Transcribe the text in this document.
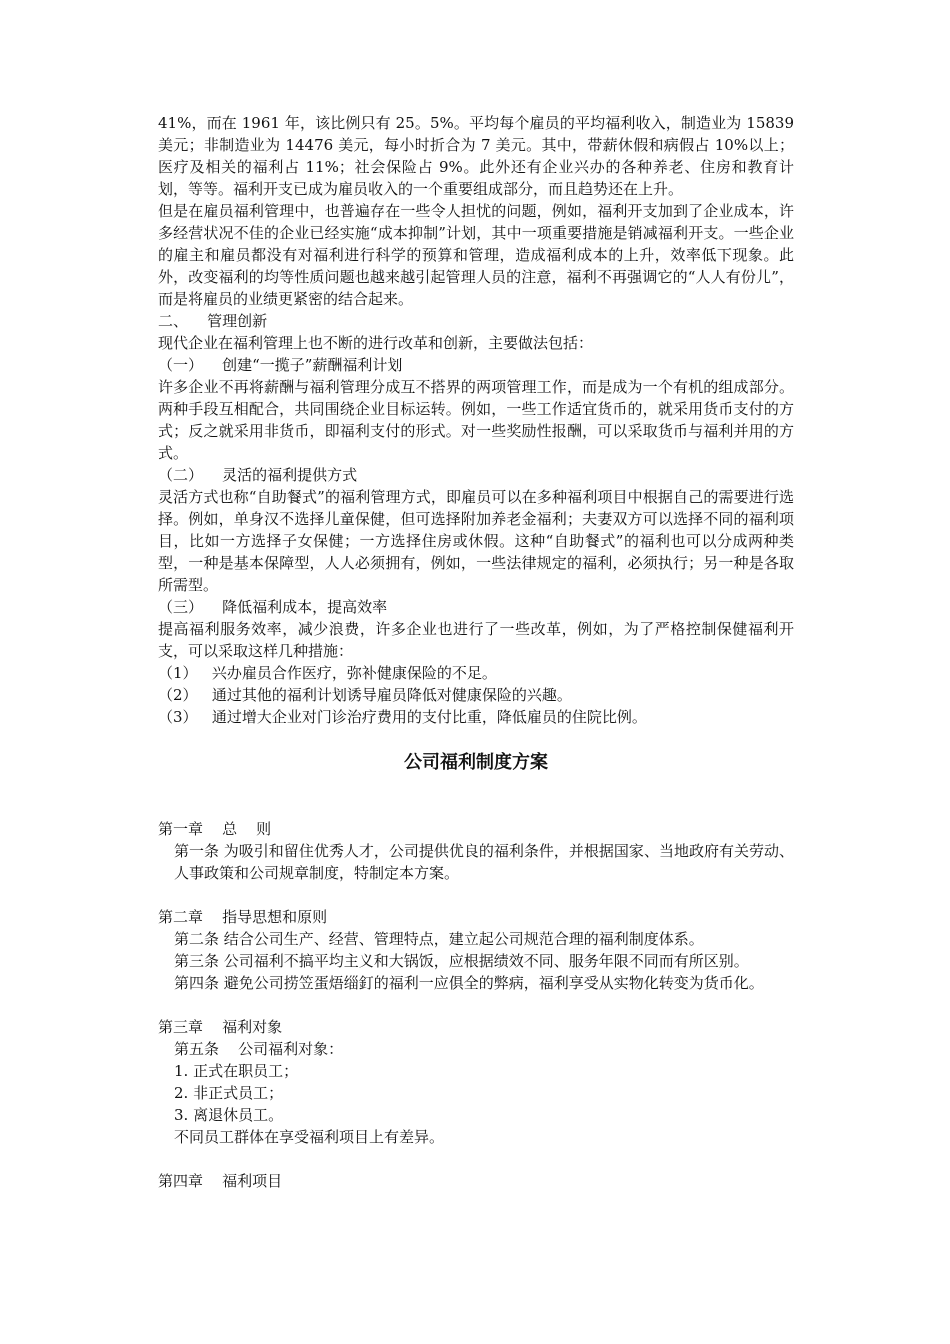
41%，而在 1961 年，该比例只有 25。5%。平均每个雇员的平均福利收入，制造业为 15839 美元；非制造业为 14476 美元，每小时折合为 7 美元。其中，带薪休假和病假占 10%以上；医疗及相关的福利占 11%；社会保险占 9%。此外还有企业兴办的各种养老、住房和教育计划，等等。福利开支已成为雇员收入的一个重要组成部分，而且趋势还在上升。

但是在雇员福利管理中，也普遍存在一些令人担忧的问题，例如，福利开支加到了企业成本，许多经营状况不佳的企业已经实施“成本抑制”计划，其中一项重要措施是销减福利开支。一些企业的雇主和雇员都没有对福利进行科学的预算和管理，造成福利成本的上升，效率低下现象。此外，改变福利的均等性质问题也越来越引起管理人员的注意，福利不再强调它的“人人有份儿”，而是将雇员的业绩更紧密的结合起来。

二、    管理创新

现代企业在福利管理上也不断的进行改革和创新，主要做法包括：

（一）    创建“一揽子”薪酬福利计划

许多企业不再将薪酬与福利管理分成互不搭界的两项管理工作，而是成为一个有机的组成部分。两种手段互相配合，共同围绕企业目标运转。例如，一些工作适宜货币的，就采用货币支付的方式；反之就采用非货币，即福利支付的形式。对一些奖励性报酬，可以采取货币与福利并用的方式。

（二）    灵活的福利提供方式

灵活方式也称“自助餐式”的福利管理方式，即雇员可以在多种福利项目中根据自己的需要进行选择。例如，单身汉不选择儿童保健，但可选择附加养老金福利；夫妻双方可以选择不同的福利项目，比如一方选择子女保健；一方选择住房或休假。这种“自助餐式”的福利也可以分成两种类型，一种是基本保障型，人人必须拥有，例如，一些法律规定的福利，必须执行；另一种是各取所需型。

（三）    降低福利成本，提高效率

提高福利服务效率，减少浪费，许多企业也进行了一些改革，例如，为了严格控制保健福利开支，可以采取这样几种措施：

（1）   兴办雇员合作医疗，弥补健康保险的不足。

（2）   通过其他的福利计划诱导雇员降低对健康保险的兴趣。

（3）   通过增大企业对门诊治疗费用的支付比重，降低雇员的住院比例。

公司福利制度方案

第一章    总    则

第一条 为吸引和留住优秀人才，公司提供优良的福利条件，并根据国家、当地政府有关劳动、人事政策和公司规章制度，特制定本方案。

第二章    指导思想和原则

第二条 结合公司生产、经营、管理特点，建立起公司规范合理的福利制度体系。

第三条 公司福利不搞平均主义和大锅饭，应根据绩效不同、服务年限不同而有所区别。

第四条 避免公司捞笠蛋焐缁釘的福利一应俱全的弊病，福利享受从实物化转变为货币化。

第三章    福利对象

第五条    公司福利对象：

1. 正式在职员工；

2. 非正式员工；

3. 离退休员工。

不同员工群体在享受福利项目上有差异。

第四章    福利项目
